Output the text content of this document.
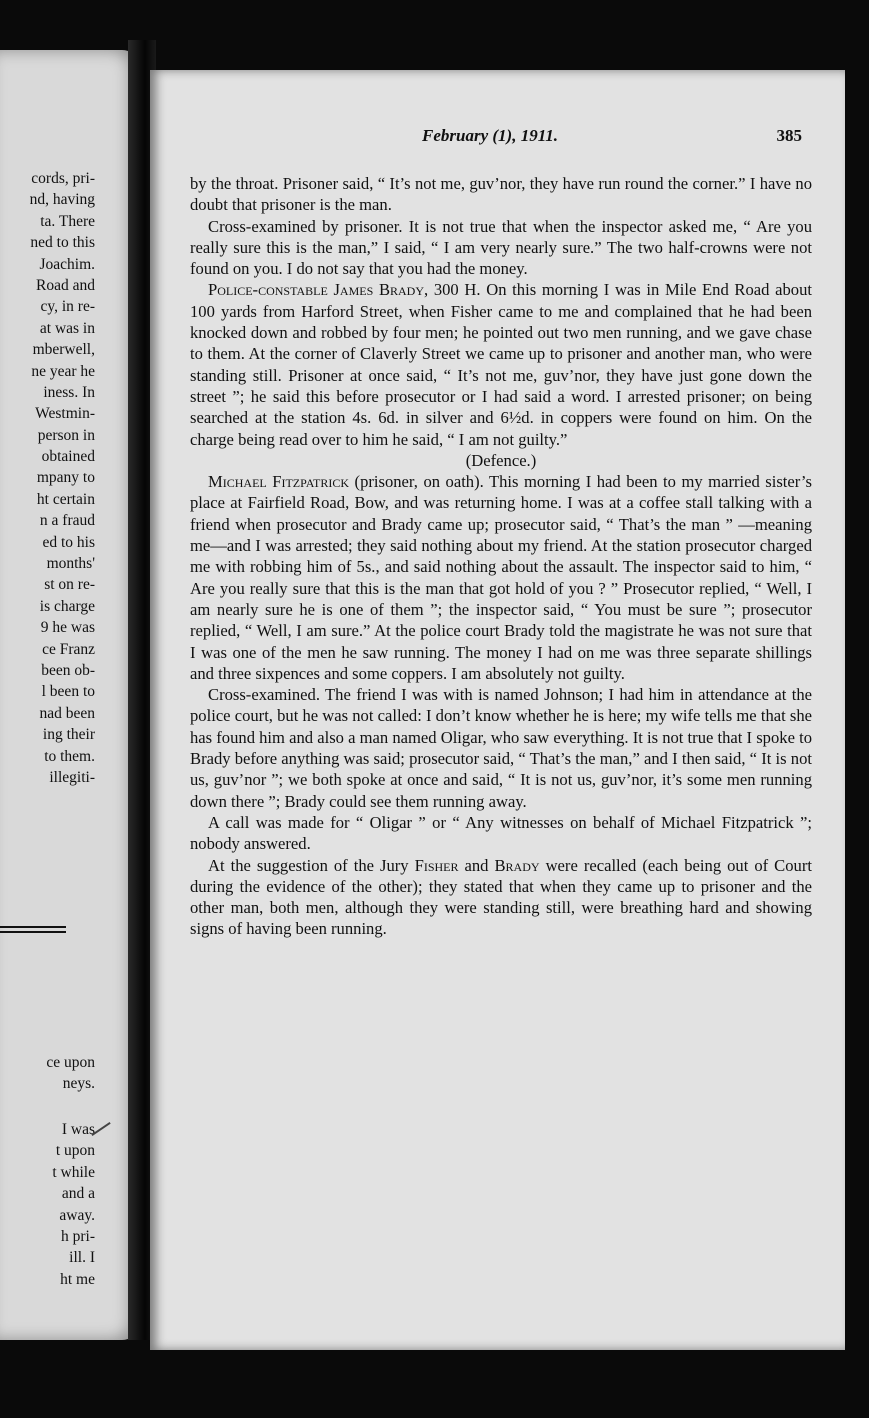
cords, pri-
nd, having
ta. There
ned to this
Joachim.
Road and
cy, in re-
at was in
mberwell,
ne year he
iness. In
Westmin-
person in
obtained
mpany to
ht certain
n a fraud
ed to his
months'
st on re-
is charge
9 he was
ce Franz
been ob-
l been to
nad been
ing their
to them.
illegiti-
ce upon
neys.
I was
t upon
t while
and a
away.
h pri-
ill. I
ht me
February (1), 1911.	385

by the throat. Prisoner said, “ It’s not me, guv’nor, they have run round the corner.” I have no doubt that prisoner is the man.

Cross-examined by prisoner. It is not true that when the inspector asked me, “ Are you really sure this is the man,” I said, “ I am very nearly sure.” The two half-crowns were not found on you. I do not say that you had the money.

Police-constable James Brady, 300 H. On this morning I was in Mile End Road about 100 yards from Harford Street, when Fisher came to me and complained that he had been knocked down and robbed by four men; he pointed out two men running, and we gave chase to them. At the corner of Claverly Street we came up to prisoner and another man, who were standing still. Prisoner at once said, “ It’s not me, guv’nor, they have just gone down the street ”; he said this before prosecutor or I had said a word. I arrested prisoner; on being searched at the station 4s. 6d. in silver and 6½d. in coppers were found on him. On the charge being read over to him he said, “ I am not guilty.”

(Defence.)

Michael Fitzpatrick (prisoner, on oath). This morning I had been to my married sister’s place at Fairfield Road, Bow, and was returning home. I was at a coffee stall talking with a friend when prosecutor and Brady came up; prosecutor said, “ That’s the man ” —meaning me—and I was arrested; they said nothing about my friend. At the station prosecutor charged me with robbing him of 5s., and said nothing about the assault. The inspector said to him, “ Are you really sure that this is the man that got hold of you ? ” Prosecutor replied, “ Well, I am nearly sure he is one of them ”; the inspector said, “ You must be sure ”; prosecutor replied, “ Well, I am sure.” At the police court Brady told the magistrate he was not sure that I was one of the men he saw running. The money I had on me was three separate shillings and three sixpences and some coppers. I am absolutely not guilty.

Cross-examined. The friend I was with is named Johnson; I had him in attendance at the police court, but he was not called: I don’t know whether he is here; my wife tells me that she has found him and also a man named Oligar, who saw everything. It is not true that I spoke to Brady before anything was said; prosecutor said, “ That’s the man,” and I then said, “ It is not us, guv’nor ”; we both spoke at once and said, “ It is not us, guv’nor, it’s some men running down there ”; Brady could see them running away.

A call was made for “ Oligar ” or “ Any witnesses on behalf of Michael Fitzpatrick ”; nobody answered.

At the suggestion of the Jury Fisher and Brady were recalled (each being out of Court during the evidence of the other); they stated that when they came up to prisoner and the other man, both men, although they were standing still, were breathing hard and showing signs of having been running.
